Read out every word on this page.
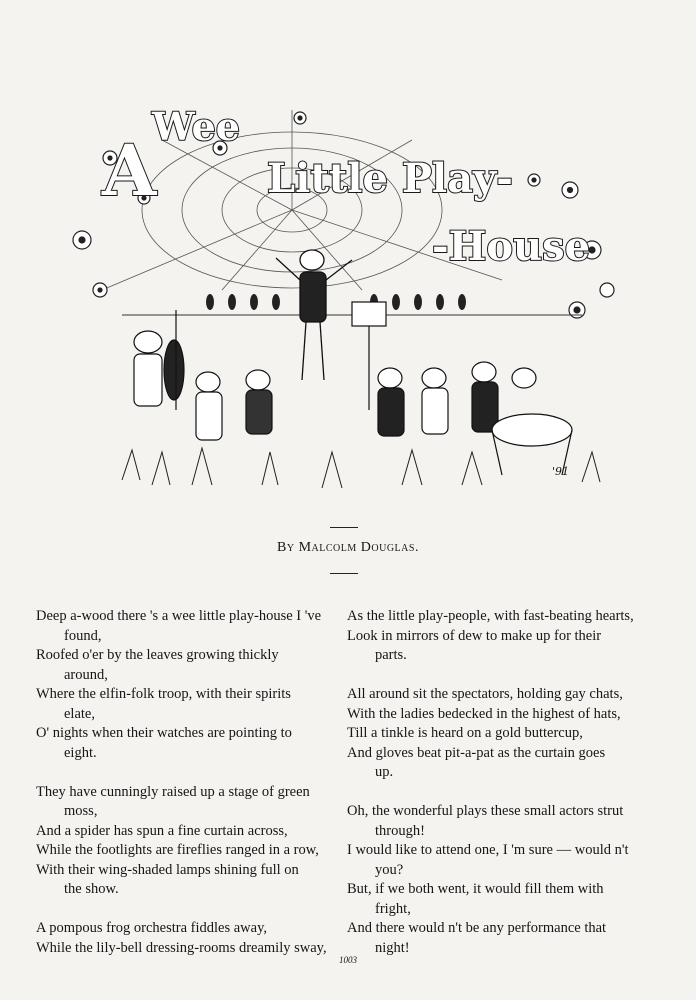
A
Wee
Little Play-
-House
'91
By Malcolm Douglas.
Deep a-wood there 's a wee little play-house I 've
found,
Roofed o'er by the leaves growing thickly
around,
Where the elfin-folk troop, with their spirits
elate,
O' nights when their watches are pointing to
eight.
They have cunningly raised up a stage of green
moss,
And a spider has spun a fine curtain across,
While the footlights are fireflies ranged in a row,
With their wing-shaded lamps shining full on
the show.
A pompous frog orchestra fiddles away,
While the lily-bell dressing-rooms dreamily sway,
As the little play-people, with fast-beating hearts,
Look in mirrors of dew to make up for their
parts.
All around sit the spectators, holding gay chats,
With the ladies bedecked in the highest of hats,
Till a tinkle is heard on a gold buttercup,
And gloves beat pit-a-pat as the curtain goes
up.
Oh, the wonderful plays these small actors strut
through!
I would like to attend one, I 'm sure — would n't
you?
But, if we both went, it would fill them with
fright,
And there would n't be any performance that
night!
1003
